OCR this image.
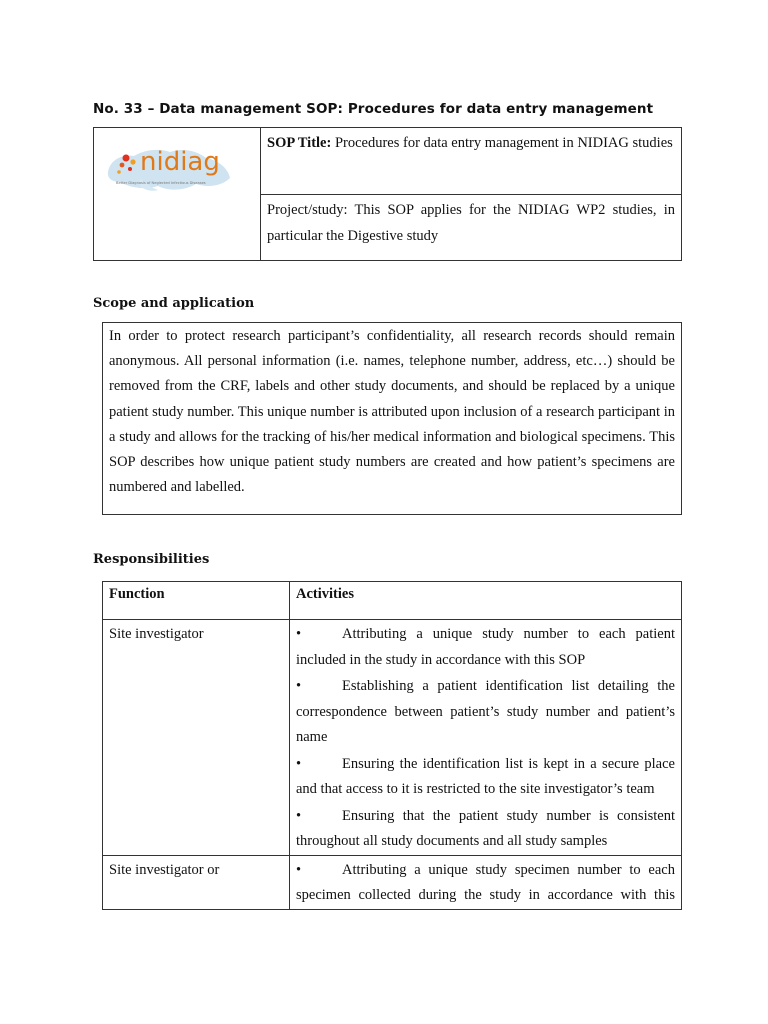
No. 33 – Data management SOP: Procedures for data entry management
nidiag
Better Diagnosis of Neglected Infectious Diseases
	SOP Title: Procedures for data entry management in NIDIAG studies
Project/study: This SOP applies for the NIDIAG WP2 studies, in particular the Digestive study
Scope and application
In order to protect research participant’s confidentiality, all research records should remain anonymous. All personal information (i.e. names, telephone number, address, etc…) should be removed from the CRF, labels and other study documents, and should be replaced by a unique patient study number. This unique number is attributed upon inclusion of a research participant in a study and allows for the tracking of his/her medical information and biological specimens. This SOP describes how unique patient study numbers are created and how patient’s specimens are numbered and labelled.
Responsibilities
Function	Activities
Site investigator	• Attributing a unique study number to each patient included in the study in accordance with this SOP
• Establishing a patient identification list detailing the correspondence between patient’s study number and patient’s name
• Ensuring the identification list is kept in a secure place and that access to it is restricted to the site investigator’s team
• Ensuring that the patient study number is consistent throughout all study documents and all study samples

Site investigator or	• Attributing a unique study specimen number to each specimen collected during the study in accordance with this
